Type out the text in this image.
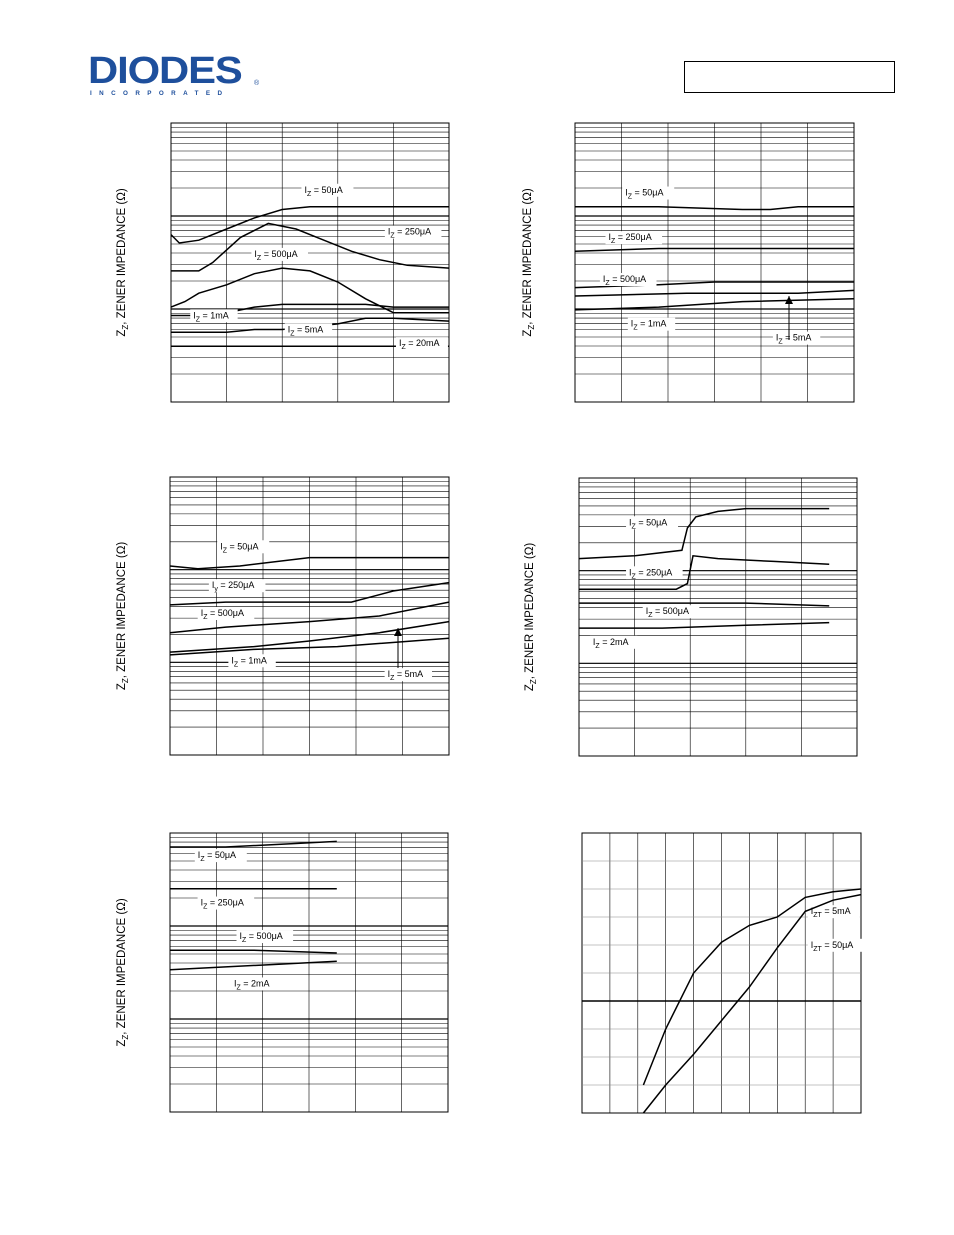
DIODES
INCORPORATED
®
$I_Z = 50\mu A$
$I_Z = 250\mu A$
$I_Z = 500\mu A$
$I_Z = 1mA$
$I_Z = 5mA$
$I_Z = 20mA$
$Z_Z$, ZENER IMPEDANCE (Ω)	$I_Z = 50\mu A$
$I_Z = 250\mu A$
$I_Z = 500\mu A$
$I_Z = 1mA$
$I_Z = 5mA$
$Z_Z$, ZENER IMPEDANCE (Ω)
$I_Z = 50\mu A$
$I_y = 250\mu A$
$I_Z = 500\mu A$
$I_Z = 1mA$
$I_Z = 5mA$
$Z_Z$, ZENER IMPEDANCE (Ω)
$I_Z = 50\mu A$
$I_Z = 250\mu A$
$I_Z = 500\mu A$
$I_Z = 2mA$
$Z_Z$, ZENER IMPEDANCE (Ω)
$I_Z = 50\mu A$
$I_Z = 250\mu A$
$I_Z = 500\mu A$
$I_Z = 2mA$
$Z_Z$, ZENER IMPEDANCE (Ω)	$I_{ZT} = 5mA$
$I_{ZT} = 50\mu A$
